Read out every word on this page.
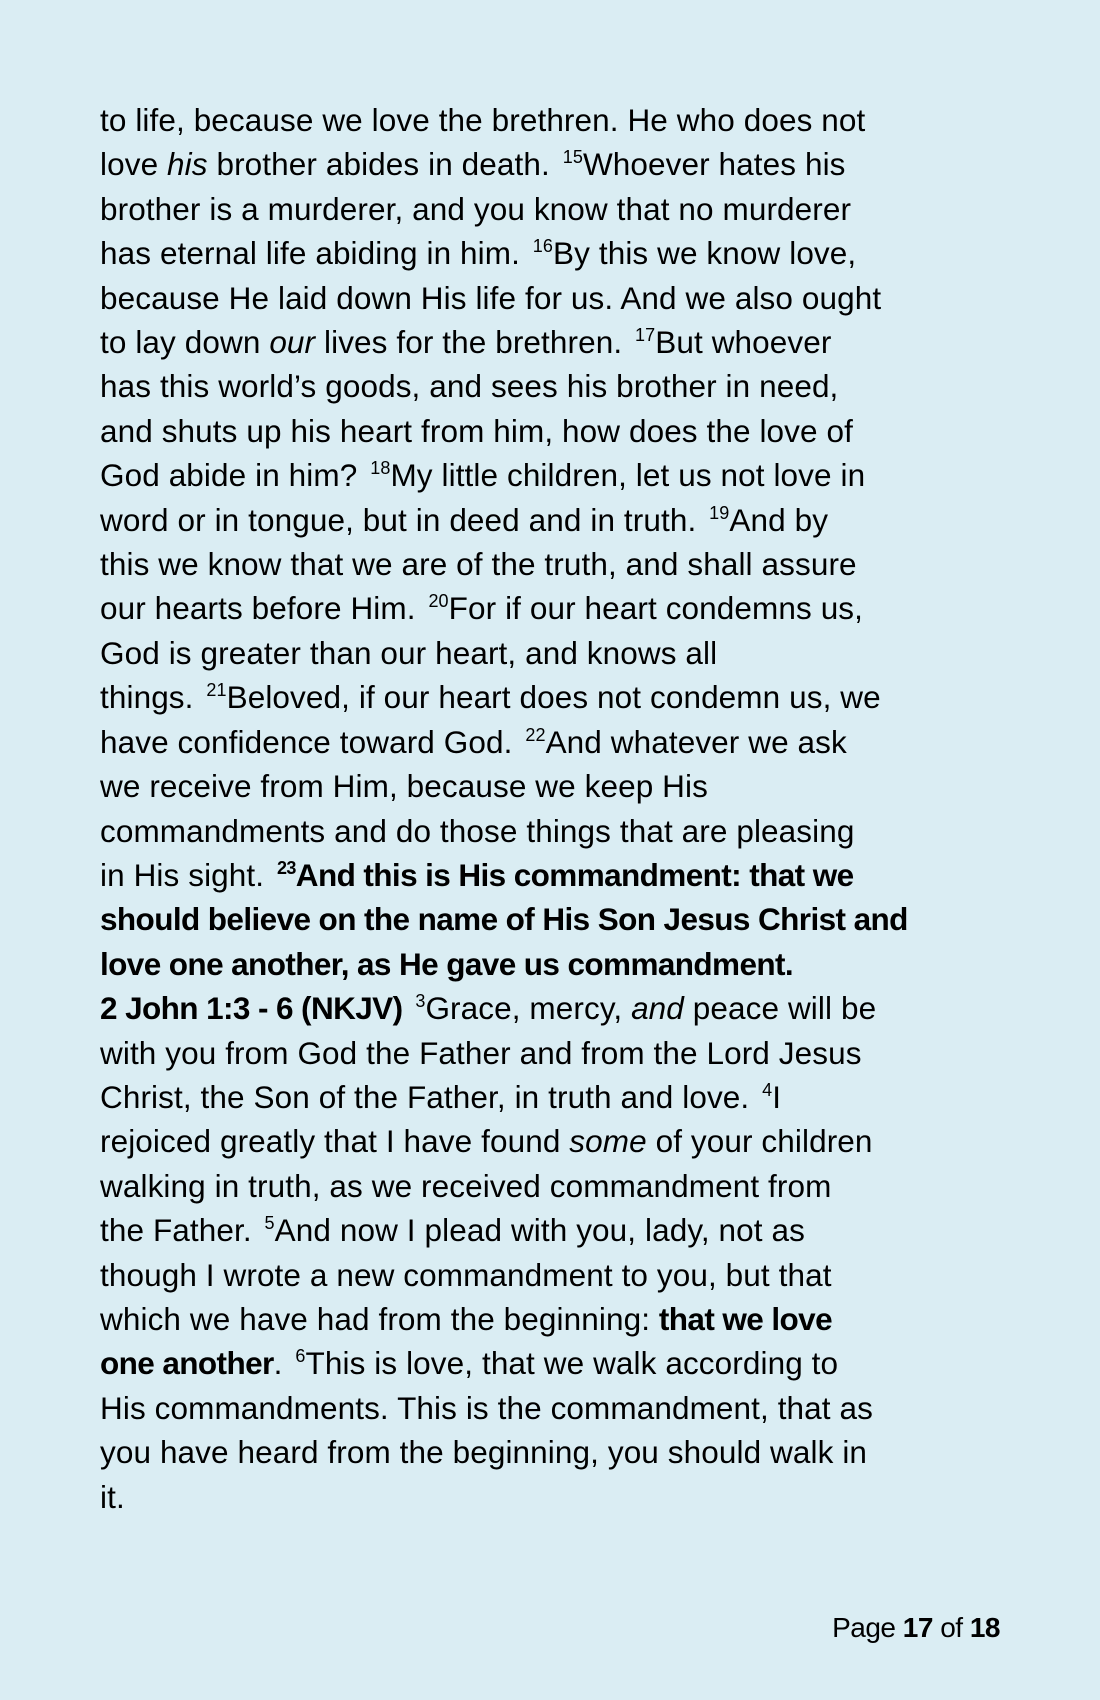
to life, because we love the brethren. He who does not
love his brother abides in death. $^{15}$Whoever hates his
brother is a murderer, and you know that no murderer
has eternal life abiding in him. $^{16}$By this we know love,
because He laid down His life for us. And we also ought
to lay down our lives for the brethren. $^{17}$But whoever
has this world’s goods, and sees his brother in need,
and shuts up his heart from him, how does the love of
God abide in him? $^{18}$My little children, let us not love in
word or in tongue, but in deed and in truth. $^{19}$And by
this we know that we are of the truth, and shall assure
our hearts before Him. $^{20}$For if our heart condemns us,
God is greater than our heart, and knows all
things. $^{21}$Beloved, if our heart does not condemn us, we
have confidence toward God. $^{22}$And whatever we ask
we receive from Him, because we keep His
commandments and do those things that are pleasing
in His sight. $^{23}$And this is His commandment: that we
should believe on the name of His Son Jesus Christ and
love one another, as He gave us commandment.
2 John 1:3 - 6 (NKJV) $^3$Grace, mercy, and peace will be
with you from God the Father and from the Lord Jesus
Christ, the Son of the Father, in truth and love. $^4$I
rejoiced greatly that I have found some of your children
walking in truth, as we received commandment from
the Father. $^5$And now I plead with you, lady, not as
though I wrote a new commandment to you, but that
which we have had from the beginning: that we love
one another. $^6$This is love, that we walk according to
His commandments. This is the commandment, that as
you have heard from the beginning, you should walk in
it.

Page 17 of 18
